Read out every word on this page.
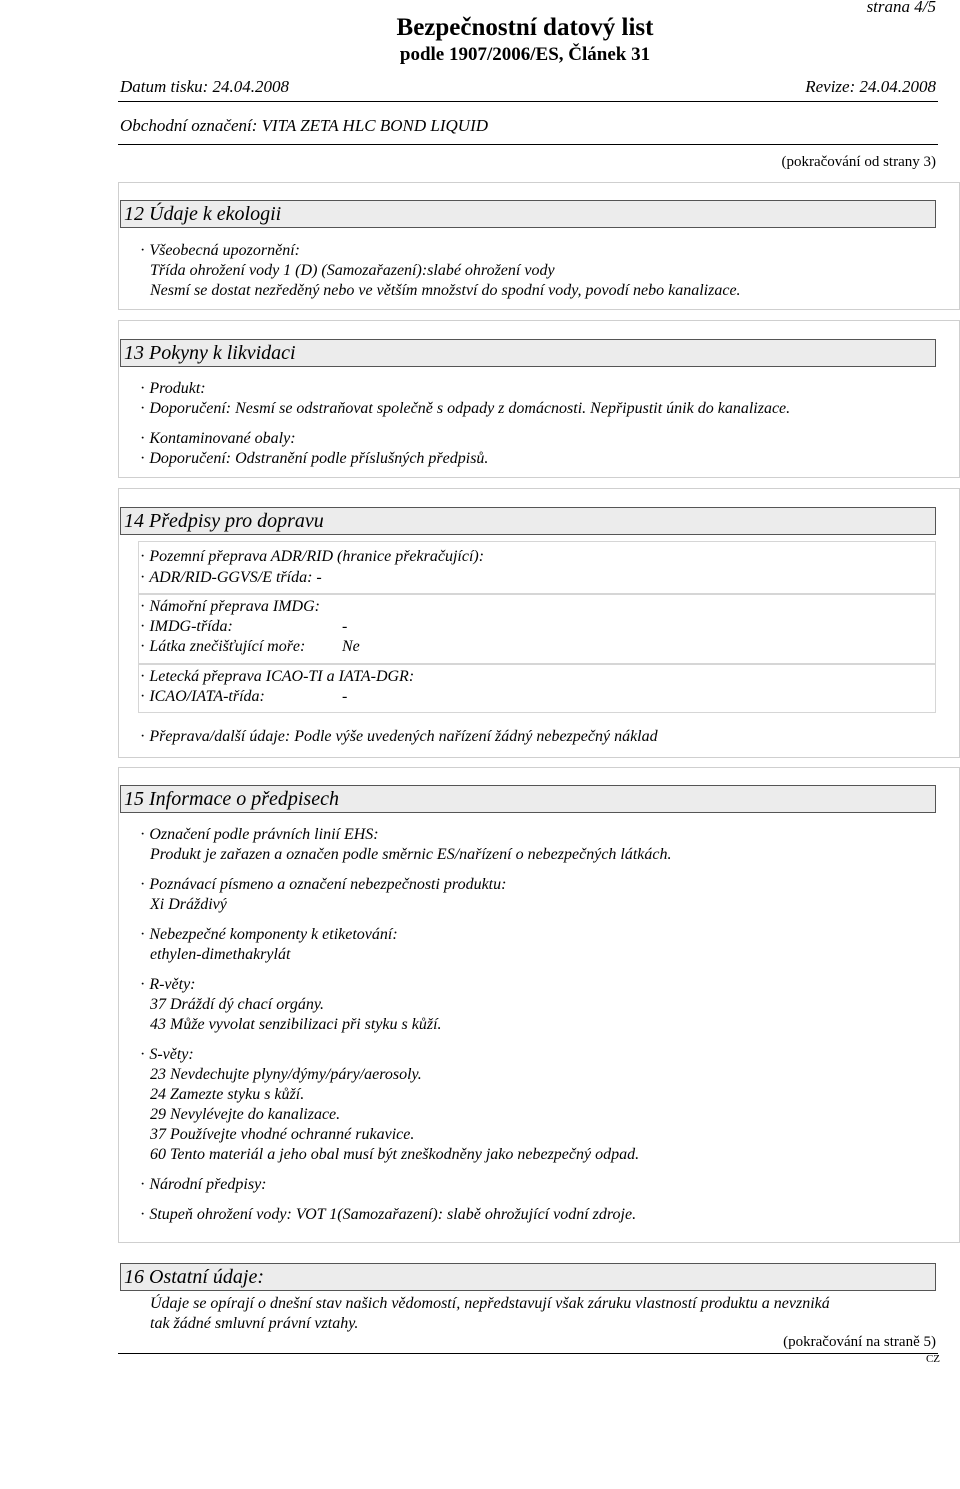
strana 4/5
Bezpečnostní datový list
podle 1907/2006/ES, Článek 31
Datum tisku: 24.04.2008	Revize: 24.04.2008
Obchodní označení: VITA ZETA HLC BOND LIQUID
(pokračování od strany 3)
12 Údaje k ekologii
· Všeobecná upozornění:
Třída ohrožení vody 1 (D) (Samozařazení):slabé ohrožení vody
Nesmí se dostat nezředěný nebo ve větším množství do spodní vody, povodí nebo kanalizace.
13 Pokyny k likvidaci
· Produkt:
· Doporučení: Nesmí se odstraňovat společně s odpady z domácnosti. Nepřipustit únik do kanalizace.
· Kontaminované obaly:
· Doporučení: Odstranění podle příslušných předpisů.
14 Předpisy pro dopravu
· Pozemní přeprava ADR/RID (hranice překračující):
· ADR/RID-GGVS/E třída: -
· Námořní přeprava IMDG:
· IMDG-třída:	-
· Látka znečišťující moře: Ne
· Letecká přeprava ICAO-TI a IATA-DGR:
· ICAO/IATA-třída:	-
· Přeprava/další údaje: Podle výše uvedených nařízení žádný nebezpečný náklad
15 Informace o předpisech
· Označení podle právních linií EHS:
Produkt je zařazen a označen podle směrnic ES/nařízení o nebezpečných látkách.
· Poznávací písmeno a označení nebezpečnosti produktu:
Xi Dráždivý
· Nebezpečné komponenty k etiketování:
ethylen-dimethakrylát
· R-věty:
37 Dráždí dý chací orgány.
43 Může vyvolat senzibilizaci při styku s kůží.
· S-věty:
23 Nevdechujte plyny/dýmy/páry/aerosoly.
24 Zamezte styku s kůží.
29 Nevylévejte do kanalizace.
37 Používejte vhodné ochranné rukavice.
60 Tento materiál a jeho obal musí být zneškodněny jako nebezpečný odpad.
· Národní předpisy:
· Stupeň ohrožení vody: VOT 1(Samozařazení): slabě ohrožující vodní zdroje.
16 Ostatní údaje:
Údaje se opírají o dnešní stav našich vědomostí, nepředstavují však záruku vlastností produktu a nevzniká
tak žádné smluvní právní vztahy.
(pokračování na straně 5)
CZ
